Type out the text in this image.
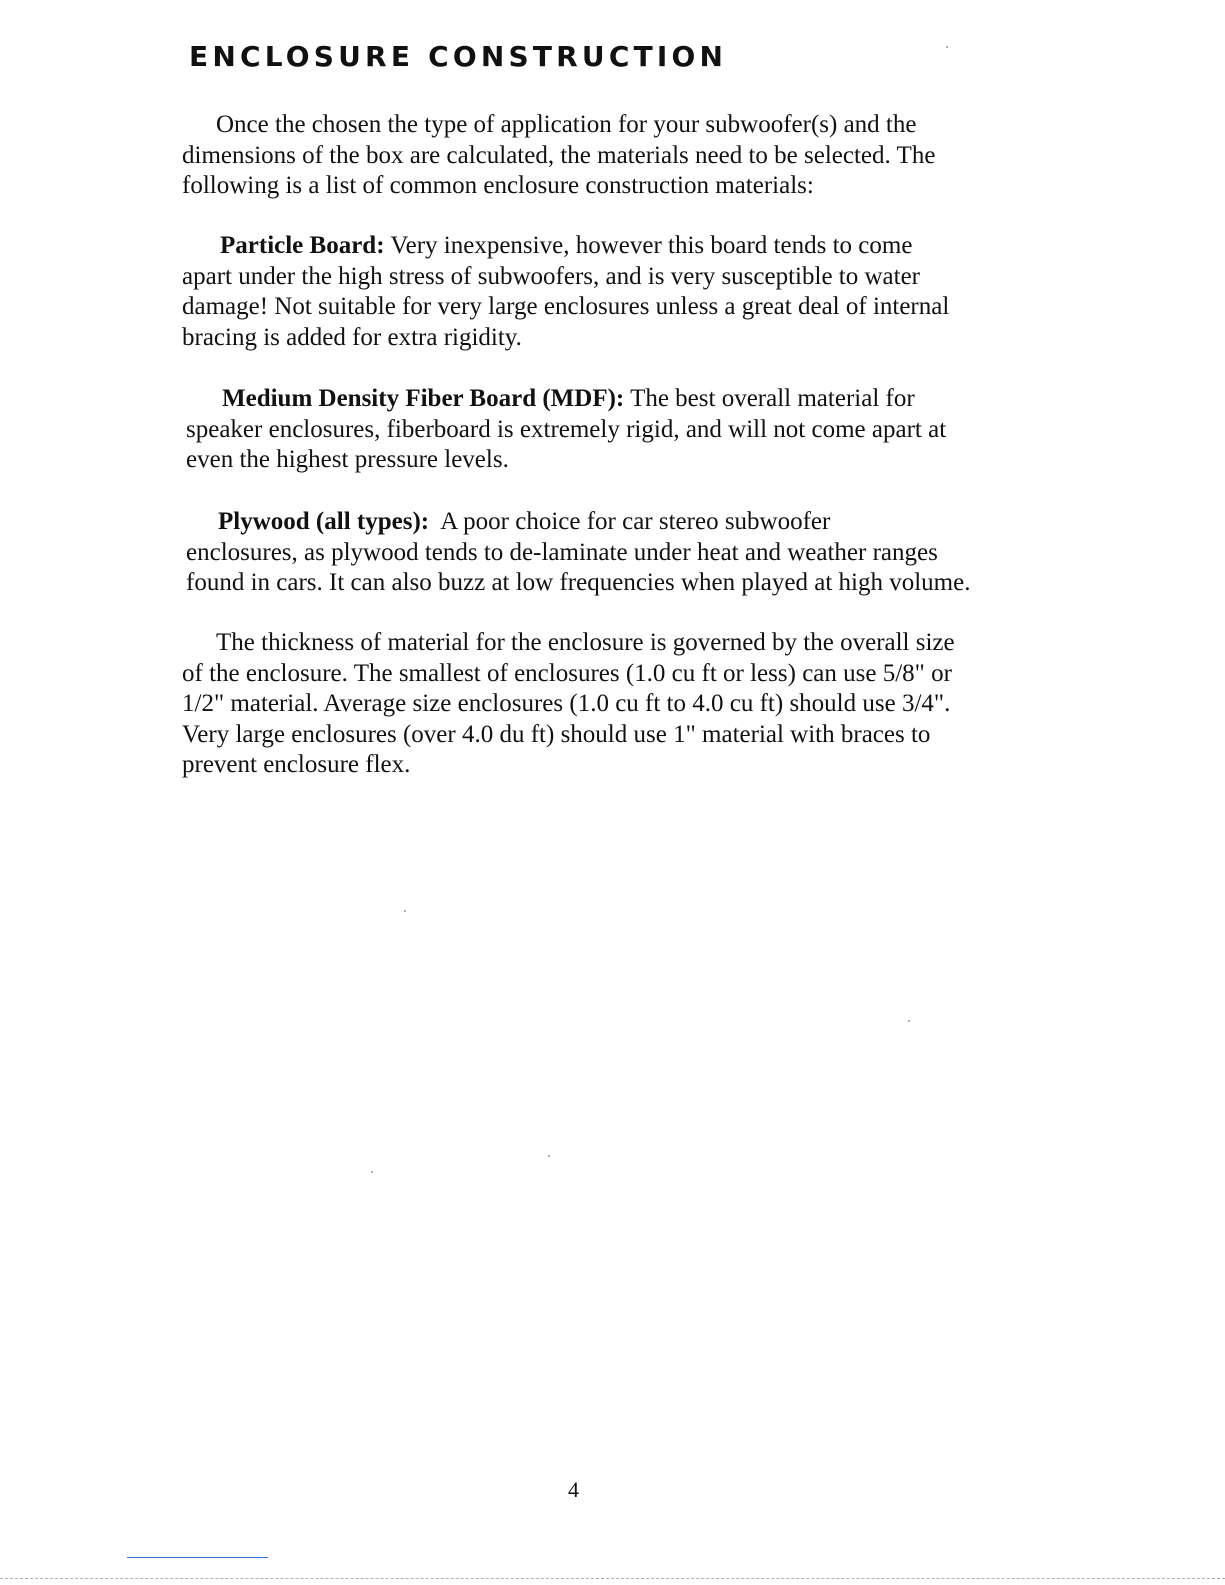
ENCLOSURE CONSTRUCTION

Once the chosen the type of application for your subwoofer(s) and the
dimensions of the box are calculated, the materials need to be selected. The
following is a list of common enclosure construction materials:

Particle Board: Very inexpensive, however this board tends to come
apart under the high stress of subwoofers, and is very susceptible to water
damage! Not suitable for very large enclosures unless a great deal of internal
bracing is added for extra rigidity.

Medium Density Fiber Board (MDF): The best overall material for
speaker enclosures, fiberboard is extremely rigid, and will not come apart at
even the highest pressure levels.

Plywood (all types):  A poor choice for car stereo subwoofer
enclosures, as plywood tends to de-laminate under heat and weather ranges
found in cars. It can also buzz at low frequencies when played at high volume.

The thickness of material for the enclosure is governed by the overall size
of the enclosure. The smallest of enclosures (1.0 cu ft or less) can use 5/8" or
1/2" material. Average size enclosures (1.0 cu ft to 4.0 cu ft) should use 3/4".
Very large enclosures (over 4.0 du ft) should use 1" material with braces to
prevent enclosure flex.

4
